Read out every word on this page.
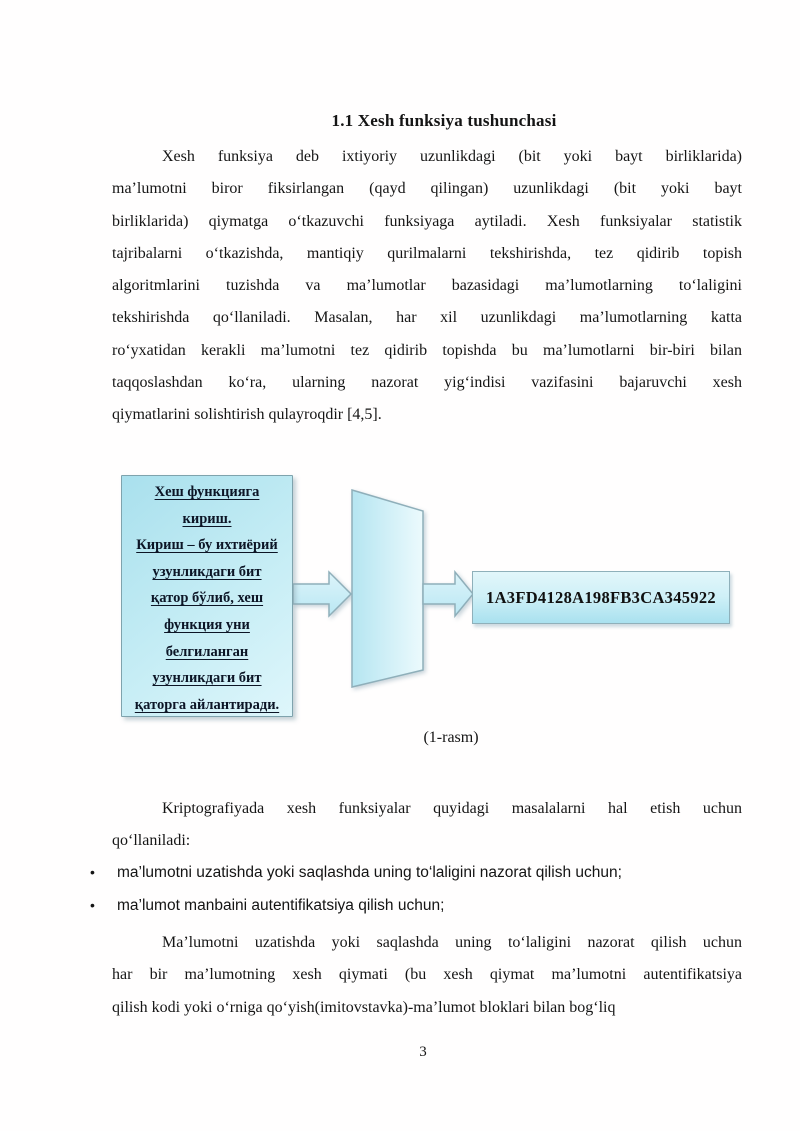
1.1 Xesh funksiya tushunchasi
Xesh funksiya deb ixtiyoriy uzunlikdagi (bit yoki bayt birliklarida)
ma’lumotni biror fiksirlangan (qayd qilingan) uzunlikdagi (bit yoki bayt
birliklarida) qiymatga o‘tkazuvchi funksiyaga aytiladi. Xesh funksiyalar statistik
tajribalarni o‘tkazishda, mantiqiy qurilmalarni tekshirishda, tez qidirib topish
algoritmlarini tuzishda va ma’lumotlar bazasidagi ma’lumotlarning to‘laligini
tekshirishda qo‘llaniladi. Masalan, har xil uzunlikdagi ma’lumotlarning katta
ro‘yxatidan kerakli ma’lumotni tez qidirib topishda bu ma’lumotlarni bir-biri bilan
taqqoslashdan ko‘ra, ularning nazorat yig‘indisi vazifasini bajaruvchi xesh
qiymatlarini solishtirish qulayroqdir [4,5].
Хеш функцияга
кириш.
Кириш – бу ихтиёрий
узунликдаги бит
қатор бўлиб, хеш
функция уни
белгиланган
узунликдаги бит
қаторга айлантиради.
1A3FD4128A198FB3CA345922
(1-rasm)
Kriptografiyada xesh funksiyalar quyidagi masalalarni hal etish uchun
qo‘llaniladi:
•	ma’lumotni uzatishda yoki saqlashda uning to‘laligini nazorat qilish uchun;
•	ma’lumot manbaini autentifikatsiya qilish uchun;
Ma’lumotni uzatishda yoki saqlashda uning to‘laligini nazorat qilish uchun
har bir ma’lumotning xesh qiymati (bu xesh qiymat ma’lumotni autentifikatsiya
qilish kodi yoki o‘rniga qo‘yish(imitovstavka)-ma’lumot bloklari bilan bog‘liq
3
